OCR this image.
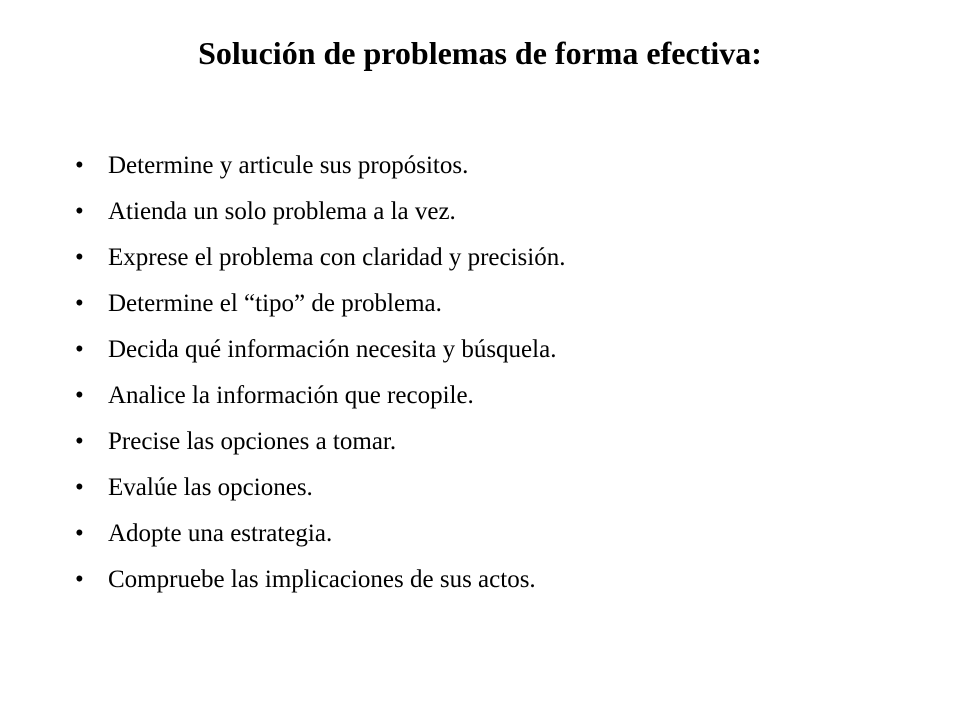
Solución de problemas de forma efectiva:
• Determine y articule sus propósitos.
• Atienda un solo problema a la vez.
• Exprese el problema con claridad y precisión.
• Determine el “tipo” de problema.
• Decida qué información necesita y búsquela.
• Analice la información que recopile.
• Precise las opciones a tomar.
• Evalúe las opciones.
• Adopte una estrategia.
• Compruebe las implicaciones de sus actos.
